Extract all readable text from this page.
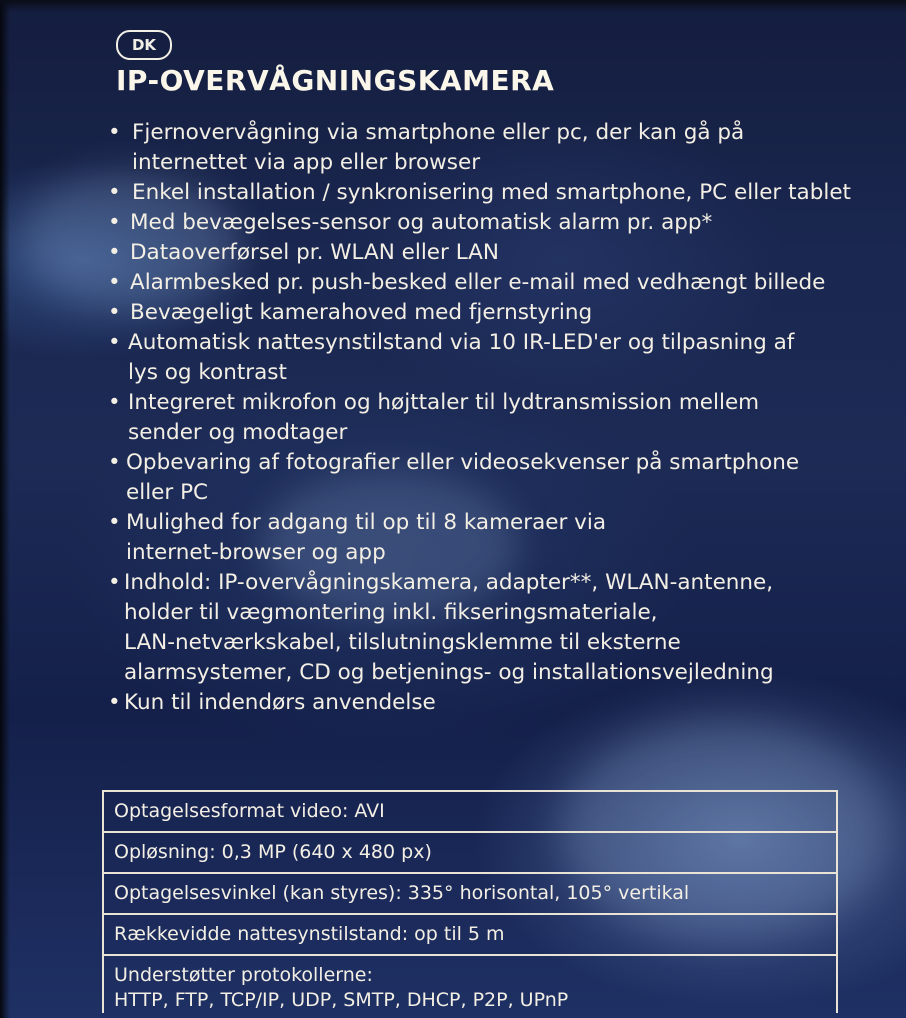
DK
IP-OVERVÅGNINGSKAMERA
• Fjernovervågning via smartphone eller pc, der kan gå på
internettet via app eller browser
• Enkel installation / synkronisering med smartphone, PC eller tablet
• Med bevægelses-sensor og automatisk alarm pr. app*
• Dataoverførsel pr. WLAN eller LAN
• Alarmbesked pr. push-besked eller e-mail med vedhængt billede
• Bevægeligt kamerahoved med fjernstyring
• Automatisk nattesynstilstand via 10 IR-LED'er og tilpasning af
lys og kontrast
• Integreret mikrofon og højttaler til lydtransmission mellem
sender og modtager
• Opbevaring af fotografier eller videosekvenser på smartphone
eller PC
• Mulighed for adgang til op til 8 kameraer via
internet-browser og app
• Indhold: IP-overvågningskamera, adapter**, WLAN-antenne,
holder til vægmontering inkl. fikseringsmateriale,
LAN-netværkskabel, tilslutningsklemme til eksterne
alarmsystemer, CD og betjenings- og installationsvejledning
• Kun til indendørs anvendelse
Optagelsesformat video: AVI
Opløsning: 0,3 MP (640 x 480 px)
Optagelsesvinkel (kan styres): 335° horisontal, 105° vertikal
Rækkevidde nattesynstilstand: op til 5 m
Understøtter protokollerne:
HTTP, FTP, TCP/IP, UDP, SMTP, DHCP, P2P, UPnP
